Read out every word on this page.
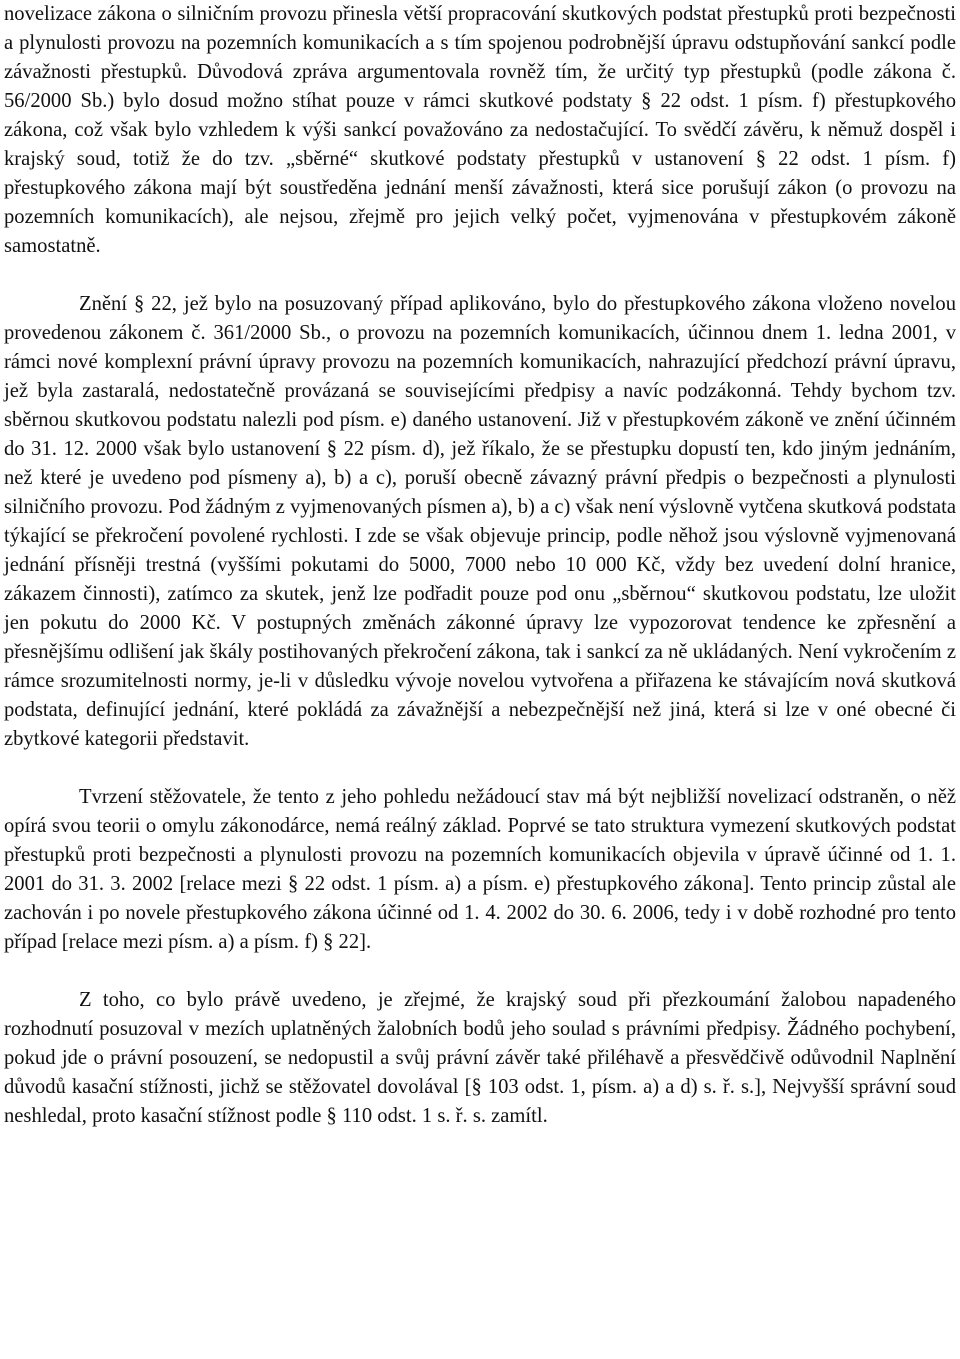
novelizace zákona o silničním provozu přinesla větší propracování skutkových podstat přestupků proti bezpečnosti a plynulosti provozu na pozemních komunikacích a s tím spojenou podrobnější úpravu odstupňování sankcí podle závažnosti přestupků. Důvodová zpráva argumentovala rovněž tím, že určitý typ přestupků (podle zákona č. 56/2000 Sb.) bylo dosud možno stíhat pouze v rámci skutkové podstaty § 22 odst. 1 písm. f) přestupkového zákona, což však bylo vzhledem k výši sankcí považováno za nedostačující. To svědčí závěru, k němuž dospěl i krajský soud, totiž že do tzv. „sběrné“ skutkové podstaty přestupků v ustanovení § 22 odst. 1 písm. f) přestupkového zákona mají být soustředěna jednání menší závažnosti, která sice porušují zákon (o provozu na pozemních komunikacích), ale nejsou, zřejmě pro jejich velký počet, vyjmenována v přestupkovém zákoně samostatně.

Znění § 22, jež bylo na posuzovaný případ aplikováno, bylo do přestupkového zákona vloženo novelou provedenou zákonem č. 361/2000 Sb., o provozu na pozemních komunikacích, účinnou dnem 1. ledna 2001, v rámci nové komplexní právní úpravy provozu na pozemních komunikacích, nahrazující předchozí právní úpravu, jež byla zastaralá, nedostatečně provázaná se souvisejícími předpisy a navíc podzákonná. Tehdy bychom tzv. sběrnou skutkovou podstatu nalezli pod písm. e) daného ustanovení. Již v přestupkovém zákoně ve znění účinném do 31. 12. 2000 však bylo ustanovení § 22 písm. d), jež říkalo, že se přestupku dopustí ten, kdo jiným jednáním, než které je uvedeno pod písmeny a), b) a c), poruší obecně závazný právní předpis o bezpečnosti a plynulosti silničního provozu. Pod žádným z vyjmenovaných písmen a), b) a c) však není výslovně vytčena skutková podstata týkající se překročení povolené rychlosti. I zde se však objevuje princip, podle něhož jsou výslovně vyjmenovaná jednání přísněji trestná (vyššími pokutami do 5000, 7000 nebo 10 000 Kč, vždy bez uvedení dolní hranice, zákazem činnosti), zatímco za skutek, jenž lze podřadit pouze pod onu „sběrnou“ skutkovou podstatu, lze uložit jen pokutu do 2000 Kč. V postupných změnách zákonné úpravy lze vypozorovat tendence ke zpřesnění a přesnějšímu odlišení jak škály postihovaných překročení zákona, tak i sankcí za ně ukládaných. Není vykročením z rámce srozumitelnosti normy, je-li v důsledku vývoje novelou vytvořena a přiřazena ke stávajícím nová skutková podstata, definující jednání, které pokládá za závažnější a nebezpečnější než jiná, která si lze v oné obecné či zbytkové kategorii představit.

Tvrzení stěžovatele, že tento z jeho pohledu nežádoucí stav má být nejbližší novelizací odstraněn, o něž opírá svou teorii o omylu zákonodárce, nemá reálný základ. Poprvé se tato struktura vymezení skutkových podstat přestupků proti bezpečnosti a plynulosti provozu na pozemních komunikacích objevila v úpravě účinné od 1. 1. 2001 do 31. 3. 2002 [relace mezi § 22 odst. 1 písm. a) a písm. e) přestupkového zákona]. Tento princip zůstal ale zachován i po novele přestupkového zákona účinné od 1. 4. 2002 do 30. 6. 2006, tedy i v době rozhodné pro tento případ [relace mezi písm. a) a písm. f) § 22].

Z toho, co bylo právě uvedeno, je zřejmé, že krajský soud při přezkoumání žalobou napadeného rozhodnutí posuzoval v mezích uplatněných žalobních bodů jeho soulad s právními předpisy. Žádného pochybení, pokud jde o právní posouzení, se nedopustil a svůj právní závěr také přiléhavě a přesvědčivě odůvodnil Naplnění důvodů kasační stížnosti, jichž se stěžovatel dovolával [§ 103 odst. 1, písm. a) a d) s. ř. s.], Nejvyšší správní soud neshledal, proto kasační stížnost podle § 110 odst. 1 s. ř. s. zamítl.
